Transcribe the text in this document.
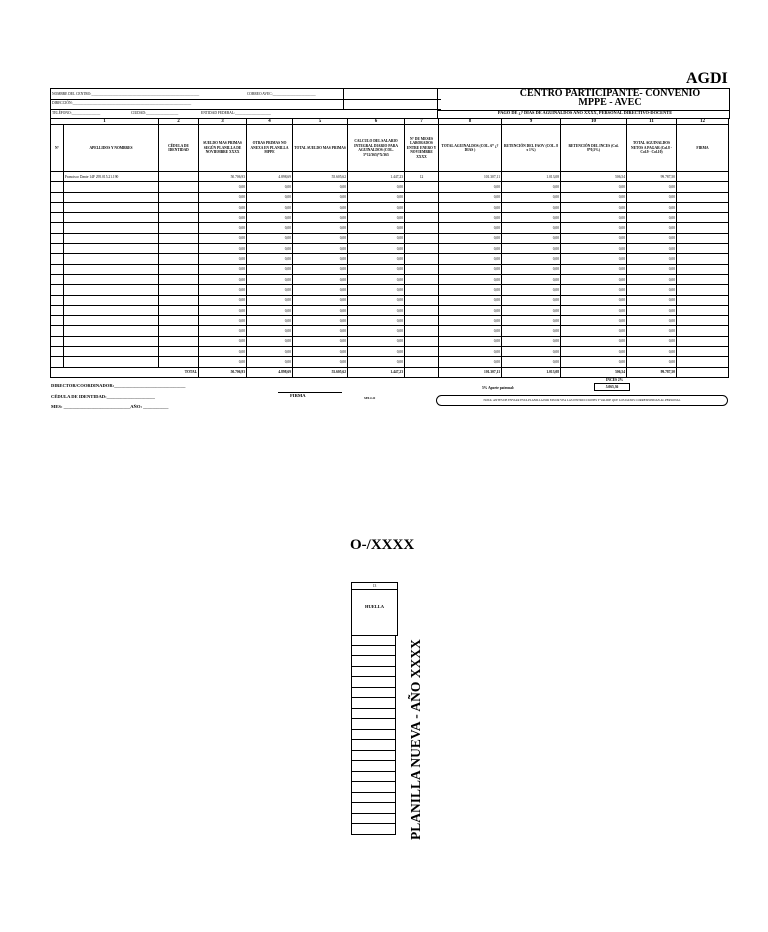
AGDI
NOMBRE DEL CENTRO:____________________________________________________________	CORREO AVEC:________________________
DIRECCIÓN:__________________________________________________________________
TELÉFONO:________________	CIUDAD:__________________	ENTIDAD FEDERAL:____________________
CENTRO PARTICIPANTE- CONVENIO
MPPE - AVEC
PAGO DE ¿? DIAS DE AGUINALDOS AÑO XXXX, PERSONAL DIRECTIVO-DOCENTE
1		2	3	4	5	6	7	8	9	10	11	12
N°	APELLIDOS Y NOMBRES	CÉDULA DE IDENTIDAD	SUELDO MAS PRIMAS SEGÚN PLANILLA DE NOVIEMBRE XXXX	OTRAS PRIMAS NO ANEXA EN PLANILLA MPPE	TOTAL SUELDO MAS PRIMAS	CALCULO DEL SALARIO INTEGRAL DIARIO PARA AGUINALDOS (COL. 5*12/365)*X/365	N° DE MESES LABORADOS ENTRE ENERO Y NOVIEMBRE XXXX	TOTAL AGUINALDOS (COL. 6* ¿? DIAS )	RETENCIÓN DEL FAOV (COL. 8 x 1%)	RETENCIÓN DEL INCES (Col. 8*0,5%)	TOTAL AGUINALDOS NETOS A PAGAR (Col.8 - Col.9 - Col.10)	FIRMA
	Francisco Dante 14F 295.015.21.190		50.706,93	4.898,69	55.605,62	1.447,23	12	101.307,11	1.013,08	506,54	99.787,50	
			0,00	0,00	0,00	0,00		0,00	0,00	0,00	0,00	
			0,00	0,00	0,00	0,00		0,00	0,00	0,00	0,00	
			0,00	0,00	0,00	0,00		0,00	0,00	0,00	0,00	
			0,00	0,00	0,00	0,00		0,00	0,00	0,00	0,00	
			0,00	0,00	0,00	0,00		0,00	0,00	0,00	0,00	
			0,00	0,00	0,00	0,00		0,00	0,00	0,00	0,00	
			0,00	0,00	0,00	0,00		0,00	0,00	0,00	0,00	
			0,00	0,00	0,00	0,00		0,00	0,00	0,00	0,00	
			0,00	0,00	0,00	0,00		0,00	0,00	0,00	0,00	
			0,00	0,00	0,00	0,00		0,00	0,00	0,00	0,00	
			0,00	0,00	0,00	0,00		0,00	0,00	0,00	0,00	
			0,00	0,00	0,00	0,00		0,00	0,00	0,00	0,00	
			0,00	0,00	0,00	0,00		0,00	0,00	0,00	0,00	
			0,00	0,00	0,00	0,00		0,00	0,00	0,00	0,00	
			0,00	0,00	0,00	0,00		0,00	0,00	0,00	0,00	
			0,00	0,00	0,00	0,00		0,00	0,00	0,00	0,00	
			0,00	0,00	0,00	0,00		0,00	0,00	0,00	0,00	
			0,00	0,00	0,00	0,00		0,00	0,00	0,00	0,00	
TOTAL			50.706,93	4.898,69	55.605,62	1.447,23		101.307,11	1.013,08	506,54	99.787,50	
DIRECTOR/COORDINADOR:_______________________________
CÉDULA DE IDENTIDAD:_____________________
MES: _____________________________AÑO: ___________
FIRMA	SELLO
INCES 2%
5% Aporte patronal:	5.065,36
NOTA: ANTES DE ENVIAR ESTA PLANILLA POR FAVOR VEA LAS INSTRUCCIONES Y VALIDE QUE LOS DATOS CORRESPONDAN AL PERSONAL
O-/XXXX
13
HUELLA
PLANILLA NUEVA - AÑO XXXX
